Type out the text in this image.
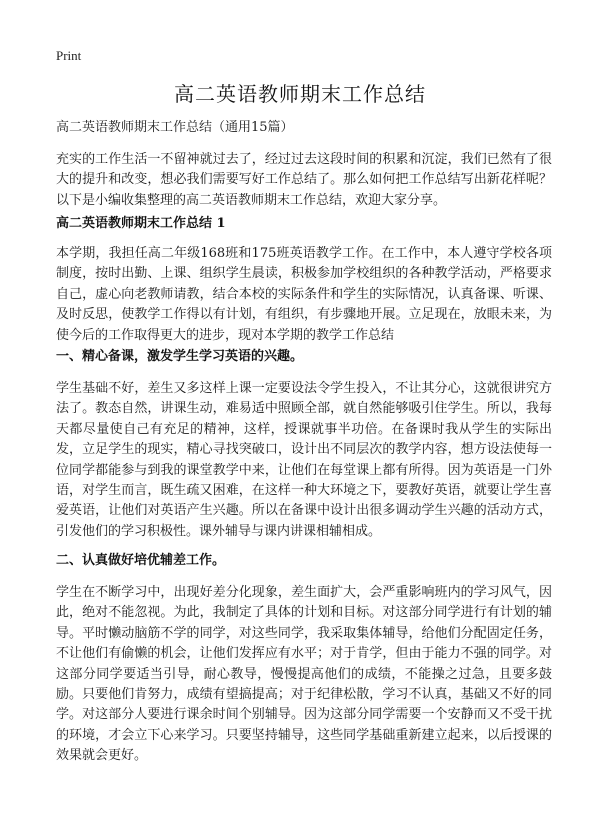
Print
高二英语教师期末工作总结
高二英语教师期末工作总结（通用15篇）
充实的工作生活一不留神就过去了，经过过去这段时间的积累和沉淀，我们已然有了很大的提升和改变，想必我们需要写好工作总结了。那么如何把工作总结写出新花样呢？以下是小编收集整理的高二英语教师期末工作总结，欢迎大家分享。
高二英语教师期末工作总结 1
本学期，我担任高二年级168班和175班英语教学工作。在工作中，本人遵守学校各项制度，按时出勤、上课、组织学生晨读，积极参加学校组织的各种教学活动，严格要求自己，虚心向老教师请教，结合本校的实际条件和学生的实际情况，认真备课、听课、及时反思，使教学工作得以有计划，有组织，有步骤地开展。立足现在，放眼未来，为使今后的工作取得更大的进步，现对本学期的教学工作总结
一、精心备课，激发学生学习英语的兴趣。
学生基础不好，差生又多这样上课一定要设法令学生投入，不让其分心，这就很讲究方法了。教态自然，讲课生动，难易适中照顾全部，就自然能够吸引住学生。所以，我每天都尽量使自己有充足的精神，这样，授课就事半功倍。在备课时我从学生的实际出发，立足学生的现实，精心寻找突破口，设计出不同层次的教学内容，想方设法使每一位同学都能参与到我的课堂教学中来，让他们在每堂课上都有所得。因为英语是一门外语，对学生而言，既生疏又困难，在这样一种大环境之下，要教好英语，就要让学生喜爱英语，让他们对英语产生兴趣。所以在备课中设计出很多调动学生兴趣的活动方式，引发他们的学习积极性。课外辅导与课内讲课相辅相成。
二、认真做好培优辅差工作。
学生在不断学习中，出现好差分化现象，差生面扩大，会严重影响班内的学习风气，因此，绝对不能忽视。为此，我制定了具体的计划和目标。对这部分同学进行有计划的辅导。平时懒动脑筋不学的同学，对这些同学，我采取集体辅导，给他们分配固定任务，不让他们有偷懒的机会，让他们发挥应有水平；对于肯学，但由于能力不强的同学。对这部分同学要适当引导，耐心教导，慢慢提高他们的成绩，不能操之过急，且要多鼓励。只要他们肯努力，成绩有望搞提高；对于纪律松散，学习不认真，基础又不好的同学。对这部分人要进行课余时间个别辅导。因为这部分同学需要一个安静而又不受干扰的环境，才会立下心来学习。只要坚持辅导，这些同学基础重新建立起来，以后授课的效果就会更好。
